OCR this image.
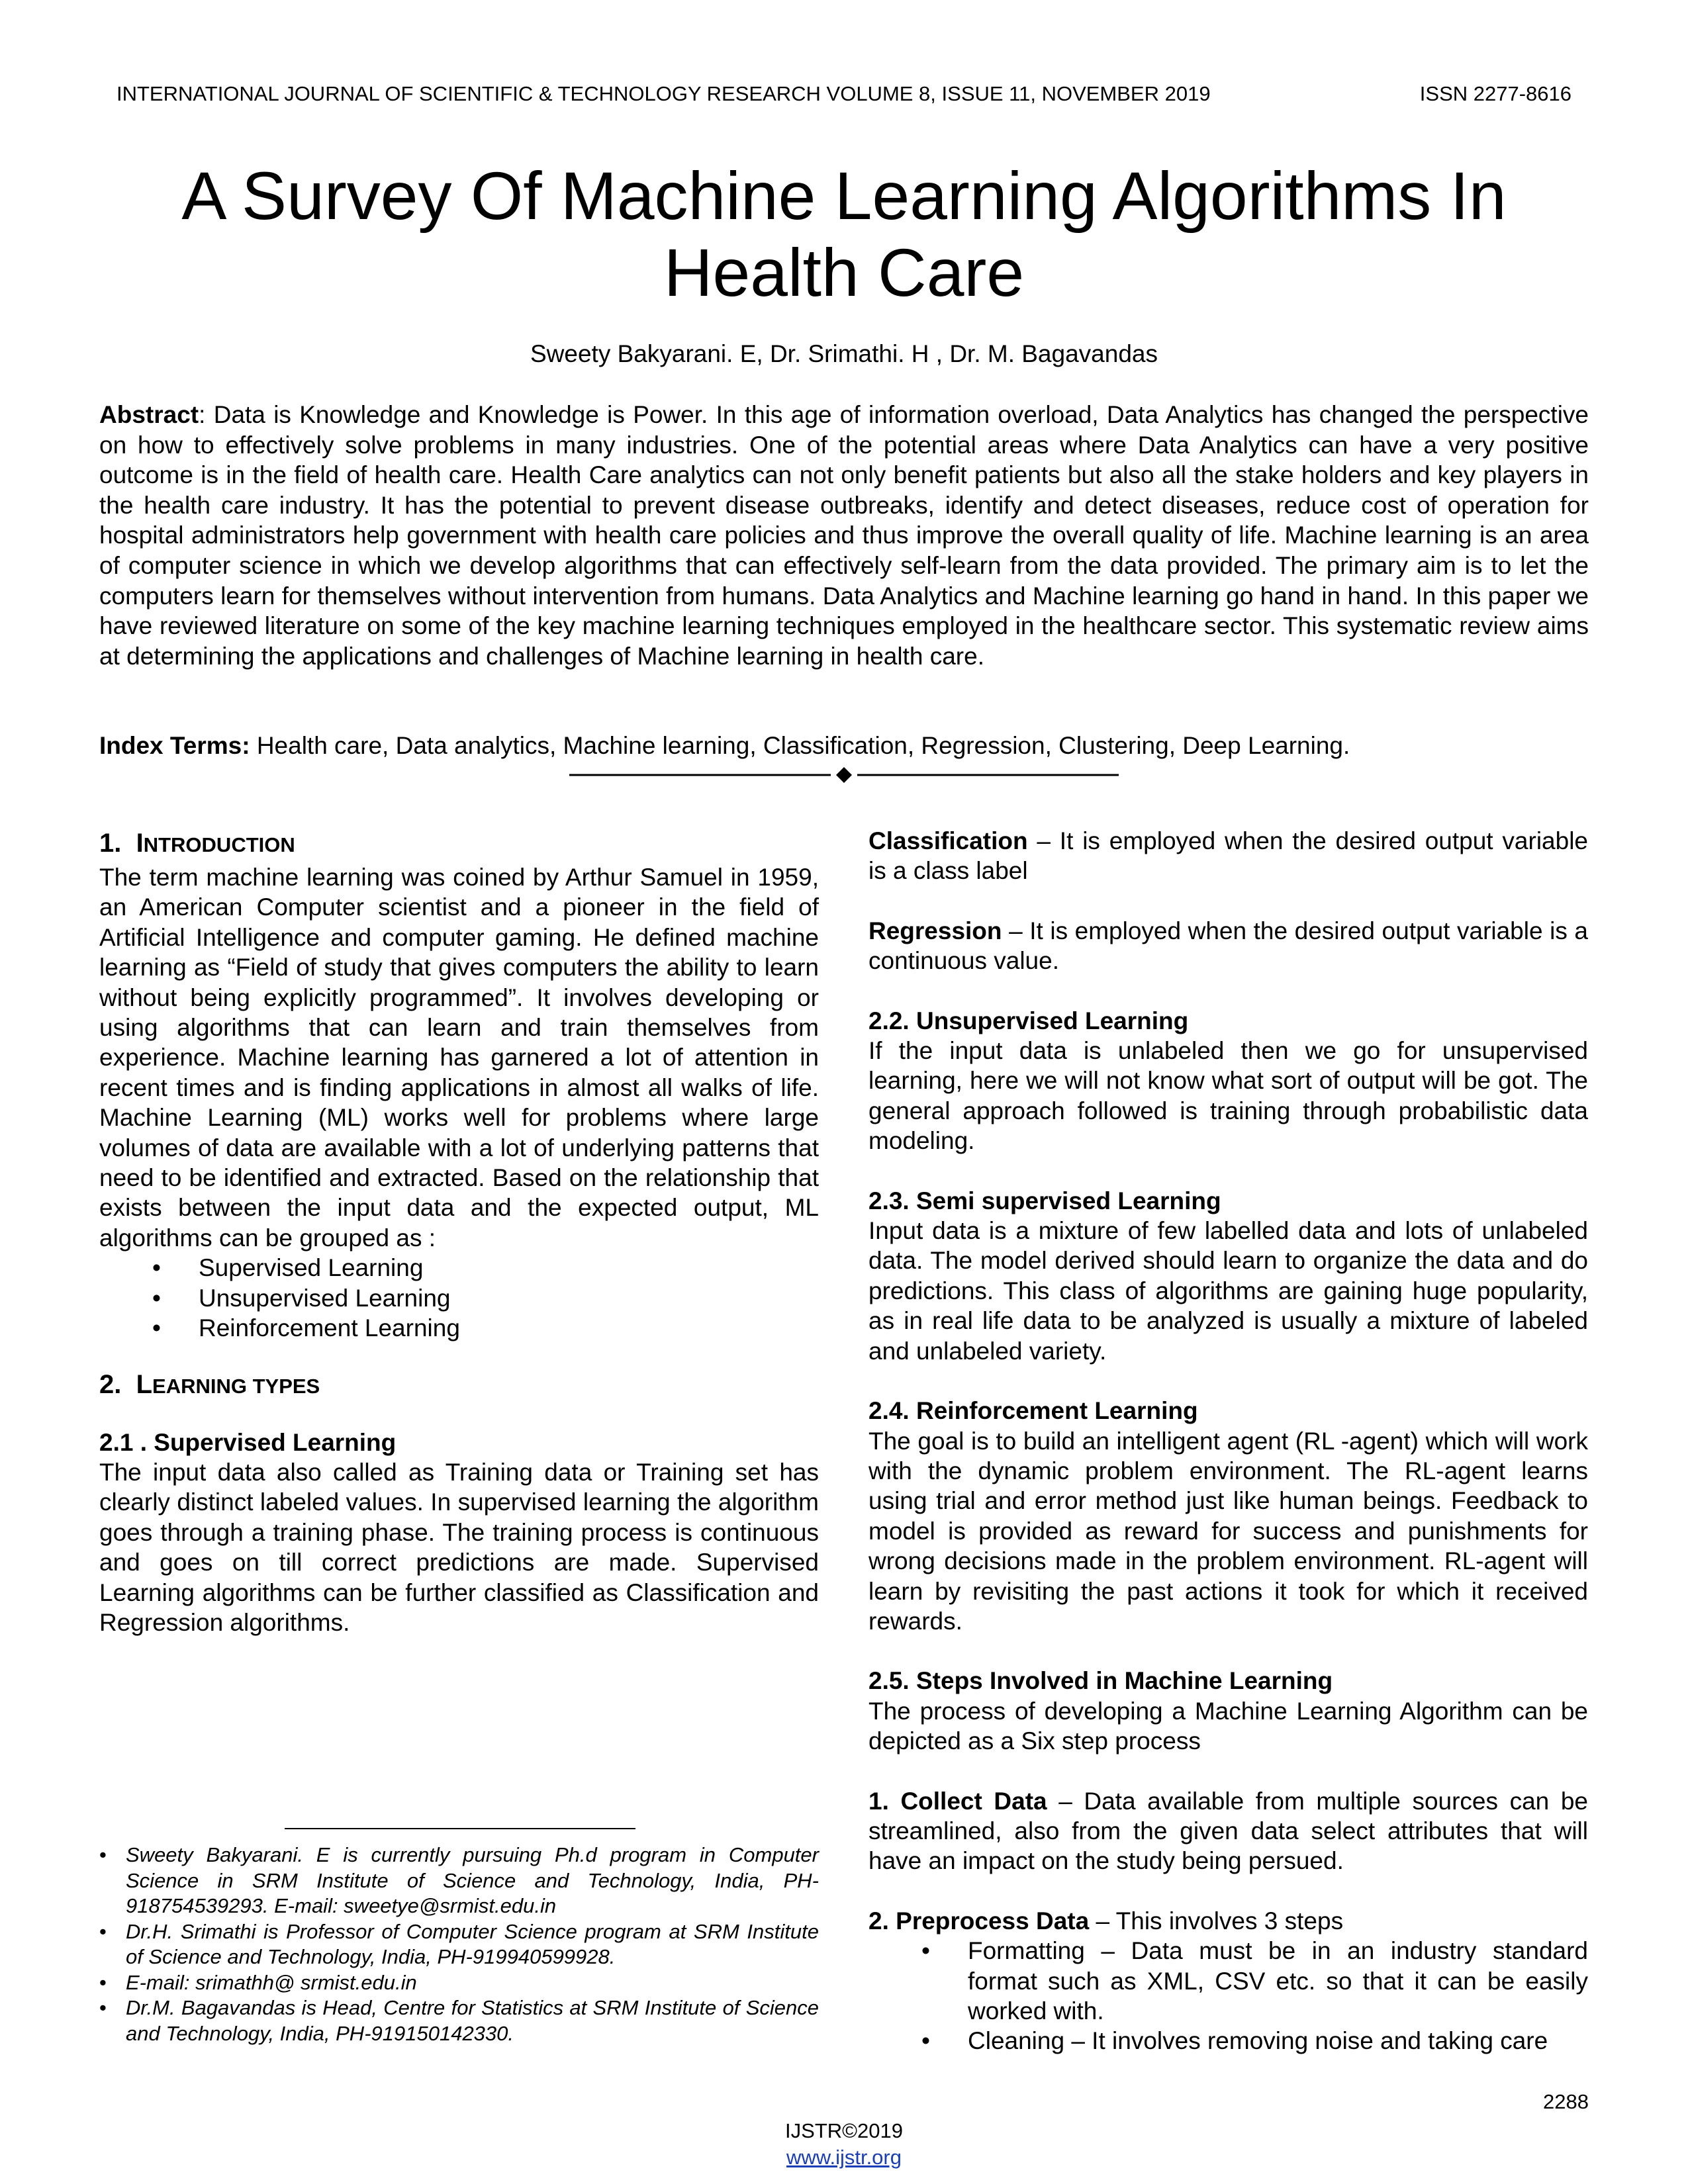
INTERNATIONAL JOURNAL OF SCIENTIFIC & TECHNOLOGY RESEARCH VOLUME 8, ISSUE 11, NOVEMBER 2019	ISSN 2277-8616
A Survey Of Machine Learning Algorithms In
Health Care
Sweety Bakyarani. E, Dr. Srimathi. H , Dr. M. Bagavandas
Abstract: Data is Knowledge and Knowledge is Power. In this age of information overload, Data Analytics has changed the perspective on how to effectively solve problems in many industries. One of the potential areas where Data Analytics can have a very positive outcome is in the field of health care. Health Care analytics can not only benefit patients but also all the stake holders and key players in the health care industry. It has the potential to prevent disease outbreaks, identify and detect diseases, reduce cost of operation for hospital administrators help government with health care policies and thus improve the overall quality of life. Machine learning is an area of computer science in which we develop algorithms that can effectively self-learn from the data provided. The primary aim is to let the computers learn for themselves without intervention from humans. Data Analytics and Machine learning go hand in hand. In this paper we have reviewed literature on some of the key machine learning techniques employed in the healthcare sector. This systematic review aims at determining the applications and challenges of Machine learning in health care.
Index Terms: Health care, Data analytics, Machine learning, Classification, Regression, Clustering, Deep Learning.
1. INTRODUCTION

The term machine learning was coined by Arthur Samuel in 1959, an American Computer scientist and a pioneer in the field of Artificial Intelligence and computer gaming. He defined machine learning as “Field of study that gives computers the ability to learn without being explicitly programmed”. It involves developing or using algorithms that can learn and train themselves from experience. Machine learning has garnered a lot of attention in recent times and is finding applications in almost all walks of life. Machine Learning (ML) works well for problems where large volumes of data are available with a lot of underlying patterns that need to be identified and extracted. Based on the relationship that exists between the input data and the expected output, ML algorithms can be grouped as :

• Supervised Learning
• Unsupervised Learning
• Reinforcement Learning
2. LEARNING TYPES
2.1 . Supervised Learning

The input data also called as Training data or Training set has clearly distinct labeled values. In supervised learning the algorithm goes through a training phase. The training process is continuous and goes on till correct predictions are made. Supervised Learning algorithms can be further classified as Classification and Regression algorithms.

Classification – It is employed when the desired output variable is a class label

Regression – It is employed when the desired output variable is a continuous value.

2.2. Unsupervised Learning

If the input data is unlabeled then we go for unsupervised learning, here we will not know what sort of output will be got. The general approach followed is training through probabilistic data modeling.

2.3. Semi supervised Learning

Input data is a mixture of few labelled data and lots of unlabeled data. The model derived should learn to organize the data and do predictions. This class of algorithms are gaining huge popularity, as in real life data to be analyzed is usually a mixture of labeled and unlabeled variety.

2.4. Reinforcement Learning

The goal is to build an intelligent agent (RL -agent) which will work with the dynamic problem environment. The RL-agent learns using trial and error method just like human beings. Feedback to model is provided as reward for success and punishments for wrong decisions made in the problem environment. RL-agent will learn by revisiting the past actions it took for which it received rewards.

2.5. Steps Involved in Machine Learning

The process of developing a Machine Learning Algorithm can be depicted as a Six step process

1. Collect Data – Data available from multiple sources can be streamlined, also from the given data select attributes that will have an impact on the study being persued.

2. Preprocess Data – This involves 3 steps

• Formatting – Data must be in an industry standard format such as XML, CSV etc. so that it can be easily worked with.
• Cleaning – It involves removing noise and taking care
• Sweety Bakyarani. E is currently pursuing Ph.d program in Computer Science in SRM Institute of Science and Technology, India, PH-918754539293. E-mail: sweetye@srmist.edu.in
• Dr.H. Srimathi is Professor of Computer Science program at SRM Institute of Science and Technology, India, PH-919940599928.
• E-mail: srimathh@ srmist.edu.in
• Dr.M. Bagavandas is Head, Centre for Statistics at SRM Institute of Science and Technology, India, PH-919150142330.
2288
IJSTR©2019
www.ijstr.org
